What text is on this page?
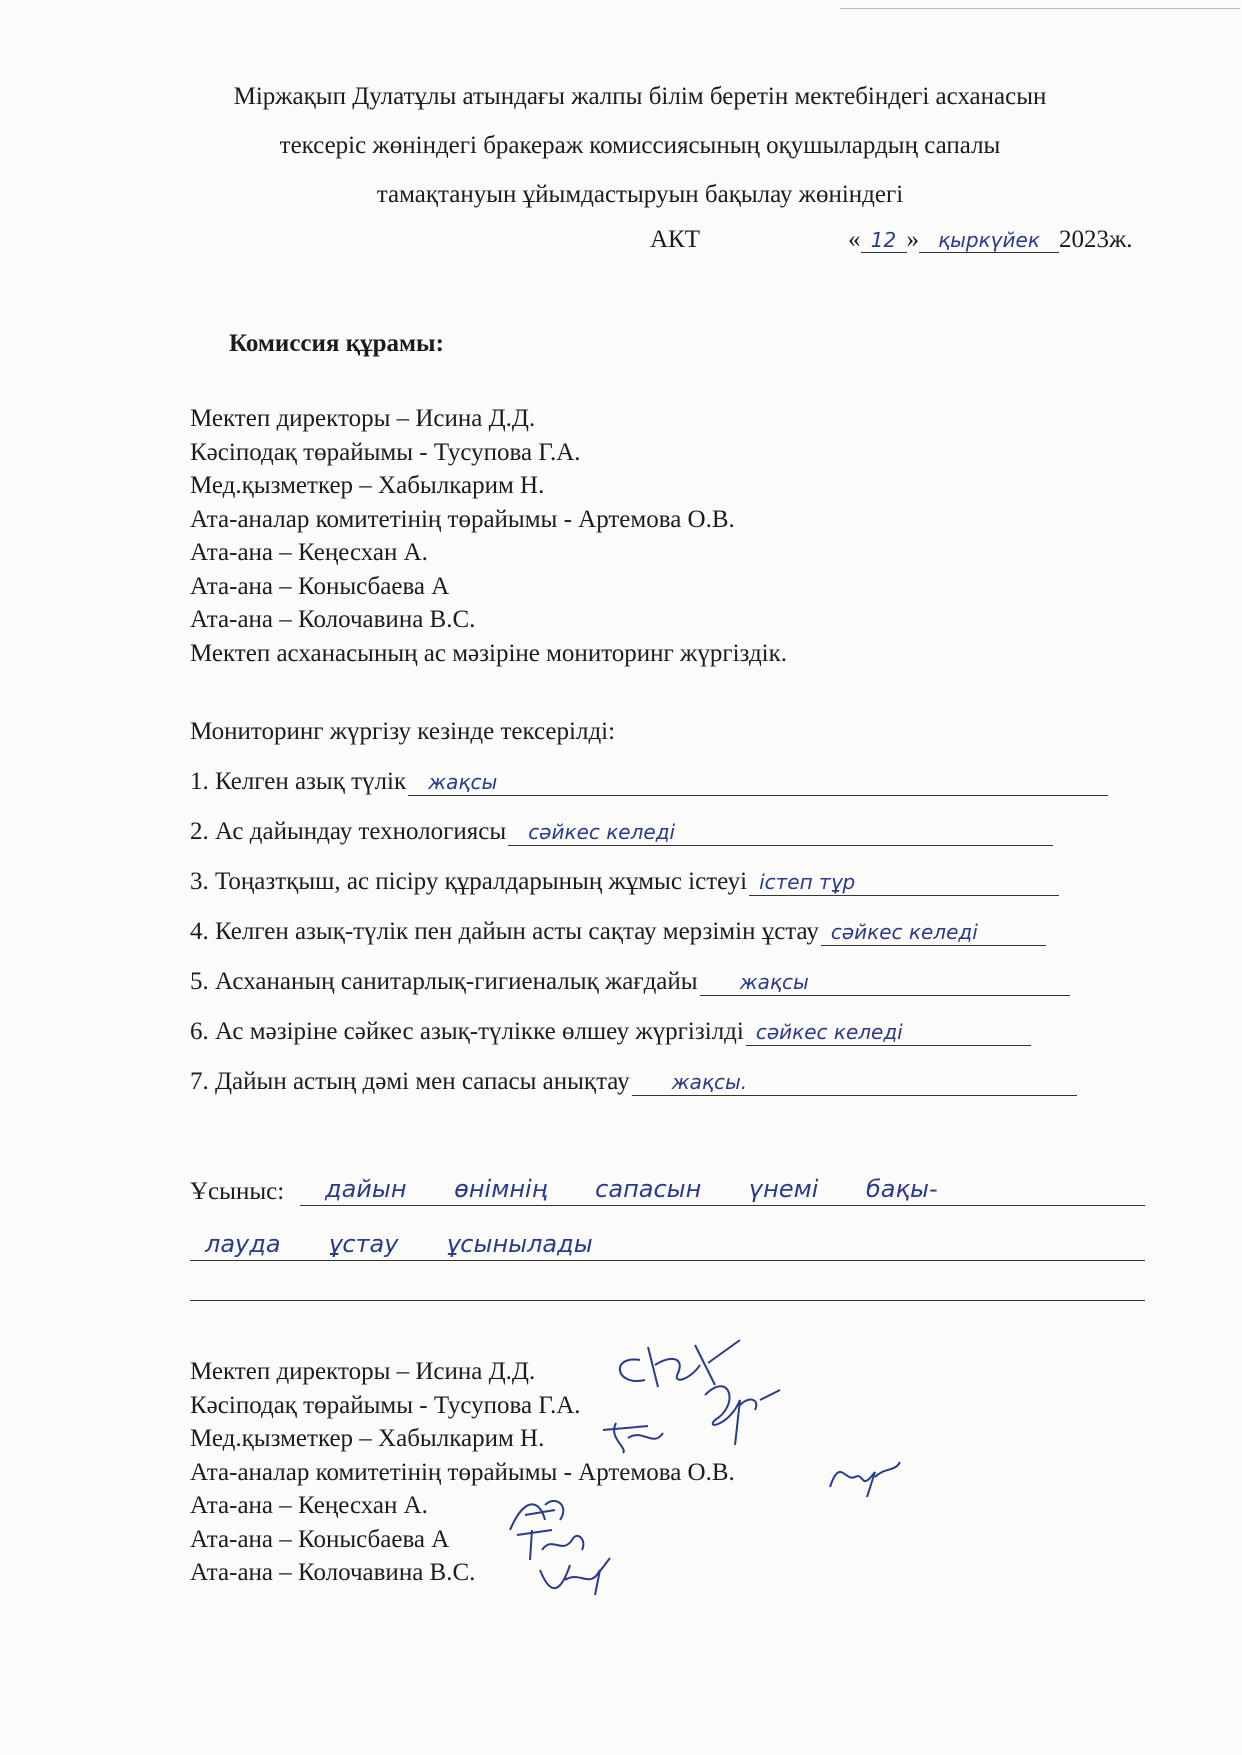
Міржақып Дулатұлы атындағы жалпы білім беретін мектебіндегі асханасын
тексеріс жөніндегі бракераж комиссиясының оқушылардың сапалы
тамақтануын ұйымдастыруын бақылау жөніндегі
АКТ	« 12 » қыркүйек 2023ж.
Комиссия құрамы:
Мектеп директоры – Исина Д.Д.
Кәсіподақ төрайымы - Тусупова Г.А.
Мед.қызметкер – Хабылкарим Н.
Ата-аналар комитетінің төрайымы - Артемова О.В.
Ата-ана – Кеңесхан А.
Ата-ана – Конысбаева А
Ата-ана – Колочавина В.С.
Мектеп асханасының ас мәзіріне мониторинг жүргіздік.
Мониторинг жүргізу кезінде тексерілді:
1. Келген азық түлік жақсы
2. Ас дайындау технологиясы сәйкес келеді
3. Тоңазтқыш, ас пісіру құралдарының жұмыс істеуі істеп тұр
4. Келген азық-түлік пен дайын асты сақтау мерзімін ұстау сәйкес келеді
5. Асхананың санитарлық-гигиеналық жағдайы жақсы
6. Ас мәзіріне сәйкес азық-түлікке өлшеу жүргізілді сәйкес келеді
7. Дайын астың дәмі мен сапасы анықтау жақсы.
Ұсыныс: дайын өнімнің сапасын үнемі бақы-
лауда ұстау ұсынылады
Мектеп директоры – Исина Д.Д.
Кәсіподақ төрайымы - Тусупова Г.А.
Мед.қызметкер – Хабылкарим Н.
Ата-аналар комитетінің төрайымы - Артемова О.В.
Ата-ана – Кеңесхан А.
Ата-ана – Конысбаева А
Ата-ана – Колочавина В.С.
